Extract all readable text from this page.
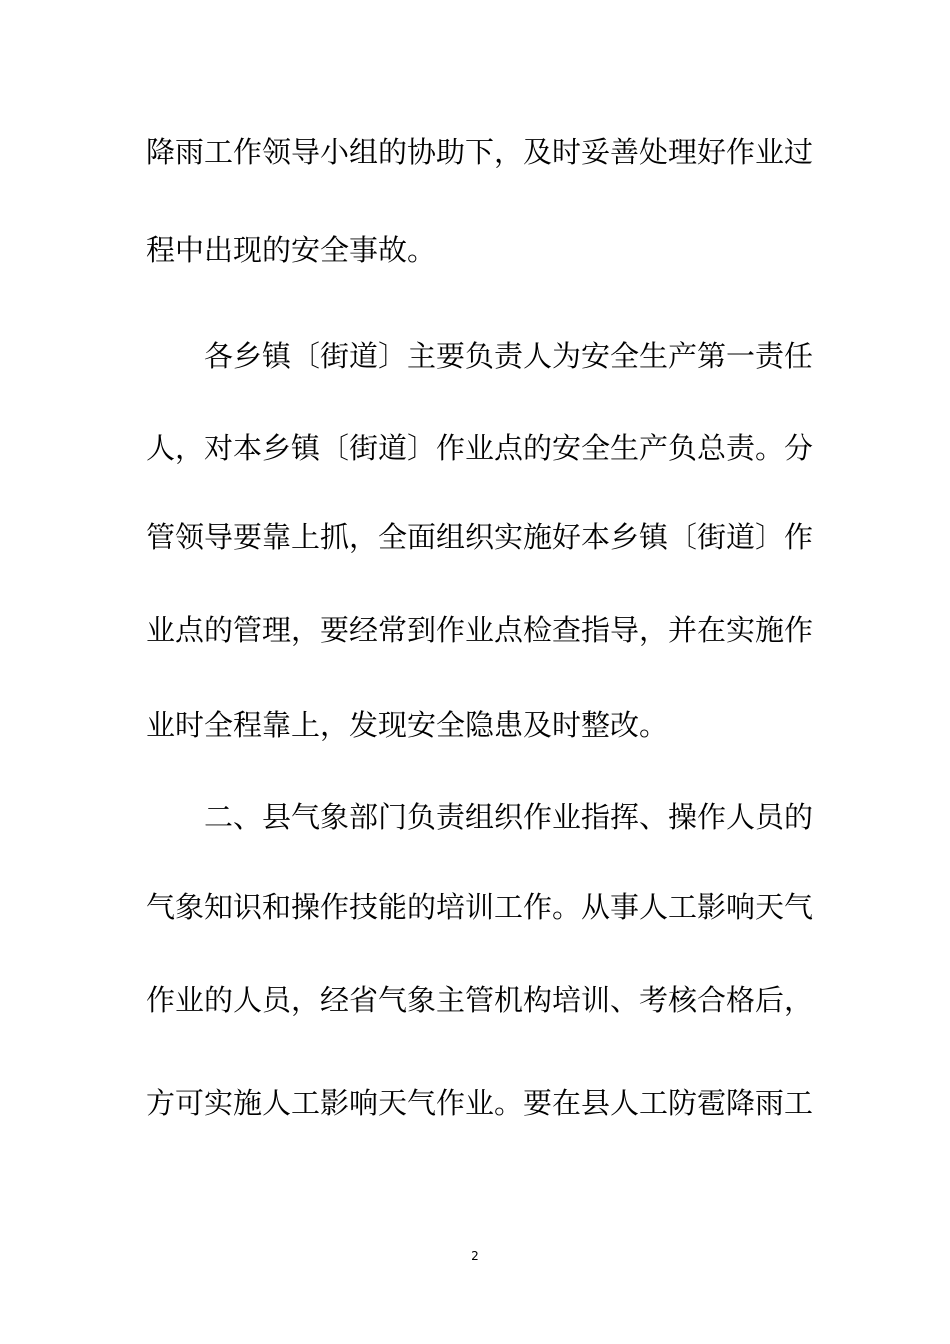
降雨工作领导小组的协助下，及时妥善处理好作业过
程中出现的安全事故。
各乡镇〔街道〕主要负责人为安全生产第一责任
人，对本乡镇〔街道〕作业点的安全生产负总责。分
管领导要靠上抓，全面组织实施好本乡镇〔街道〕作
业点的管理，要经常到作业点检查指导，并在实施作
业时全程靠上，发现安全隐患及时整改。
二、县气象部门负责组织作业指挥、操作人员的
气象知识和操作技能的培训工作。从事人工影响天气
作业的人员，经省气象主管机构培训、考核合格后，
方可实施人工影响天气作业。要在县人工防雹降雨工
2
